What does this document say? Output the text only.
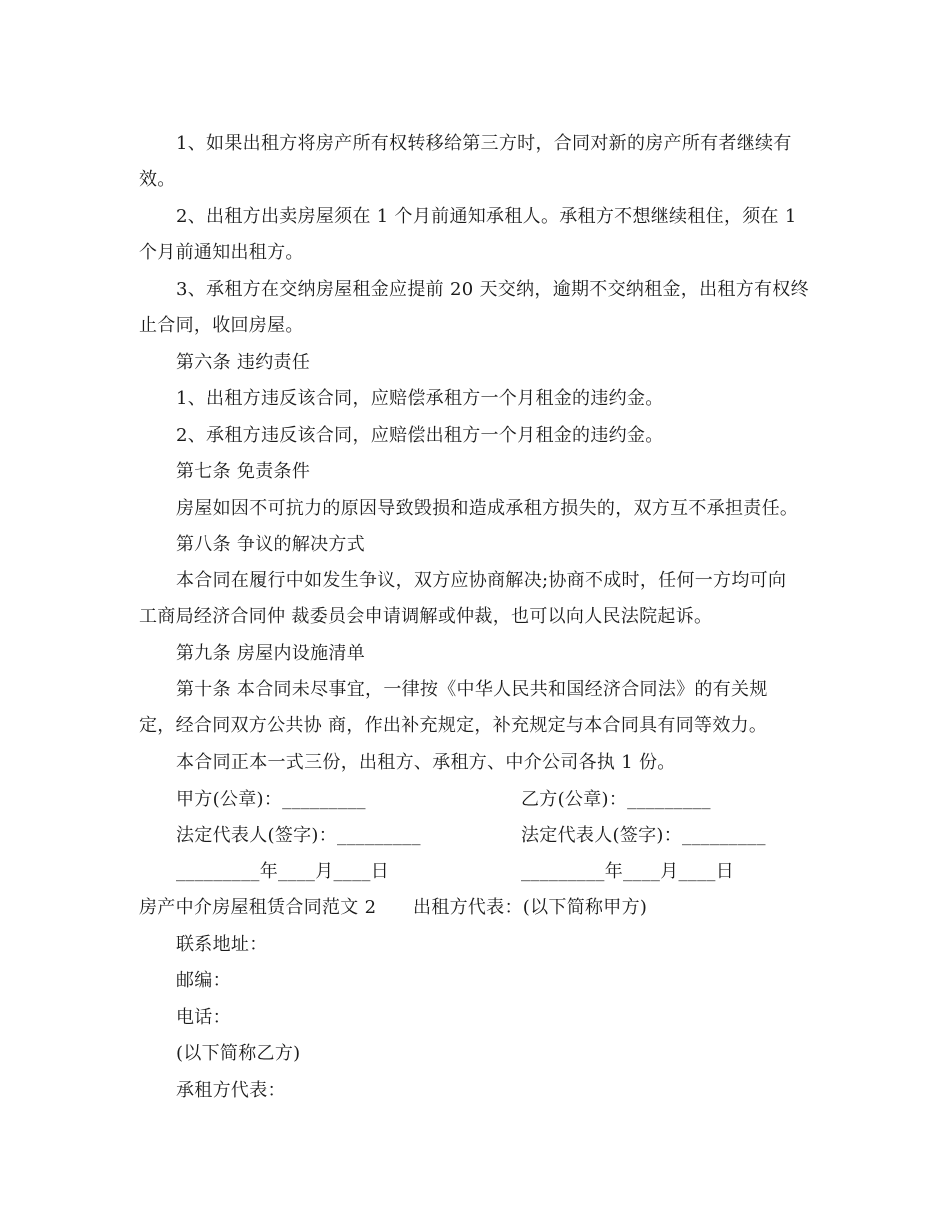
1、如果出租方将房产所有权转移给第三方时，合同对新的房产所有者继续有
效。
2、出租方出卖房屋须在 1 个月前通知承租人。承租方不想继续租住，须在 1
个月前通知出租方。
3、承租方在交纳房屋租金应提前 20 天交纳，逾期不交纳租金，出租方有权终
止合同，收回房屋。
第六条 违约责任
1、出租方违反该合同，应赔偿承租方一个月租金的违约金。
2、承租方违反该合同，应赔偿出租方一个月租金的违约金。
第七条 免责条件
房屋如因不可抗力的原因导致毁损和造成承租方损失的，双方互不承担责任。
第八条 争议的解决方式
本合同在履行中如发生争议，双方应协商解决;协商不成时，任何一方均可向
工商局经济合同仲 裁委员会申请调解或仲裁，也可以向人民法院起诉。
第九条 房屋内设施清单
第十条 本合同未尽事宜，一律按《中华人民共和国经济合同法》的有关规
定，经合同双方公共协 商，作出补充规定，补充规定与本合同具有同等效力。
本合同正本一式三份，出租方、承租方、中介公司各执 1 份。
甲方(公章)：_________	乙方(公章)：_________
法定代表人(签字)：_________	法定代表人(签字)：_________
_________年____月____日	_________年____月____日
房产中介房屋租赁合同范文 2　　出租方代表：(以下简称甲方)
联系地址：
邮编：
电话：
(以下简称乙方)
承租方代表：
